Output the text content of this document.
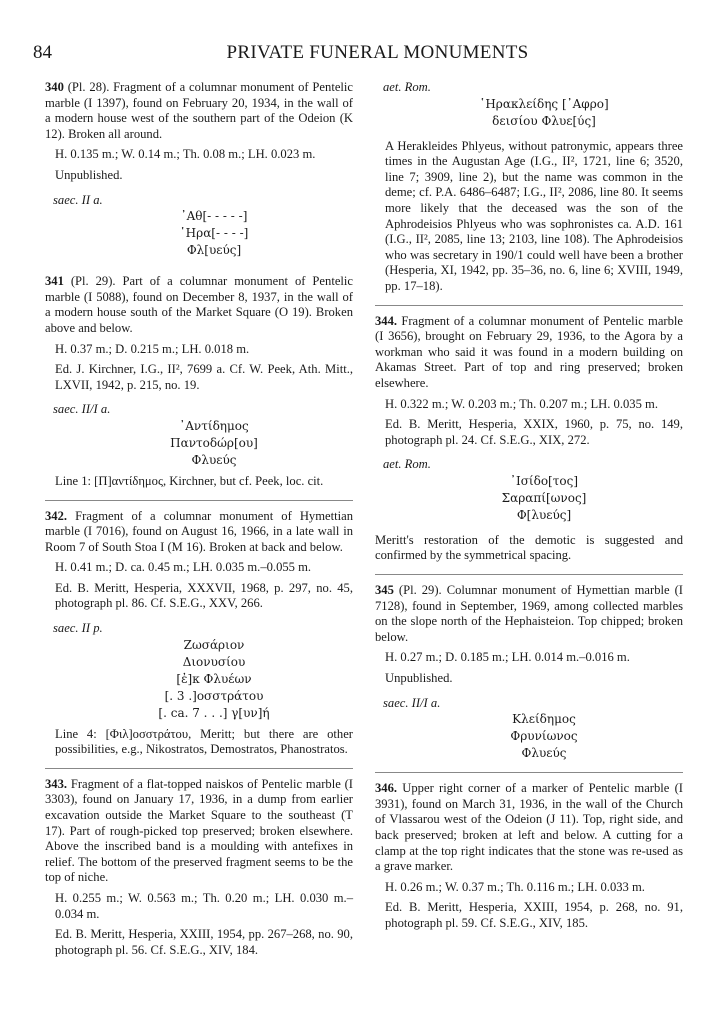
84	PRIVATE FUNERAL MONUMENTS

340 (Pl. 28). Fragment of a columnar monument of Pentelic marble (I 1397), found on February 20, 1934, in the wall of a modern house west of the southern part of the Odeion (K 12). Broken all around.

H. 0.135 m.; W. 0.14 m.; Th. 0.08 m.; LH. 0.023 m.

Unpublished.

saec. II a.

᾽Αθ[- - - - -]
῾Ηρα[- - - -]
Φλ[υεύς]

341 (Pl. 29). Part of a columnar monument of Pentelic marble (I 5088), found on December 8, 1937, in the wall of a modern house south of the Market Square (O 19). Broken above and below.

H. 0.37 m.; D. 0.215 m.; LH. 0.018 m.

Ed. J. Kirchner, I.G., II², 7699 a. Cf. W. Peek, Ath. Mitt., LXVII, 1942, p. 215, no. 19.

saec. II/I a.

᾽Αντίδημος
Παντοδώρ[ου]
Φλυεύς

Line 1: [Π]αντίδημος, Kirchner, but cf. Peek, loc. cit.

342. Fragment of a columnar monument of Hymettian marble (I 7016), found on August 16, 1966, in a late wall in Room 7 of South Stoa I (M 16). Broken at back and below.

H. 0.41 m.; D. ca. 0.45 m.; LH. 0.035 m.–0.055 m.

Ed. B. Meritt, Hesperia, XXXVII, 1968, p. 297, no. 45, photograph pl. 86. Cf. S.E.G., XXV, 266.

saec. II p.

Ζωσάριον
Διονυσίου
[ἐ]κ Φλυέων
[. 3 .]οσστράτου
[. ca. 7 . . .] γ[υν]ή

Line 4: [Φιλ]οσστράτου, Meritt; but there are other possibilities, e.g., Nikostratos, Demostratos, Phanostratos.

343. Fragment of a flat-topped naiskos of Pentelic marble (I 3303), found on January 17, 1936, in a dump from earlier excavation outside the Market Square to the southeast (T 17). Part of rough-picked top preserved; broken elsewhere. Above the inscribed band is a moulding with antefixes in relief. The bottom of the preserved fragment seems to be the top of niche.

H. 0.255 m.; W. 0.563 m.; Th. 0.20 m.; LH. 0.030 m.–0.034 m.

Ed. B. Meritt, Hesperia, XXIII, 1954, pp. 267–268, no. 90, photograph pl. 56. Cf. S.E.G., XIV, 184.

aet. Rom.

῾Ηρακλείδης [᾽Αφρο]
δεισίου Φλυε[ύς]

A Herakleides Phlyeus, without patronymic, appears three times in the Augustan Age (I.G., II², 1721, line 6; 3520, line 7; 3909, line 2), but the name was common in the deme; cf. P.A. 6486–6487; I.G., II², 2086, line 80. It seems more likely that the deceased was the son of the Aphrodeisios Phlyeus who was sophronistes ca. A.D. 161 (I.G., II², 2085, line 13; 2103, line 108). The Aphrodeisios who was secretary in 190/1 could well have been a brother (Hesperia, XI, 1942, pp. 35–36, no. 6, line 6; XVIII, 1949, pp. 17–18).

344. Fragment of a columnar monument of Pentelic marble (I 3656), brought on February 29, 1936, to the Agora by a workman who said it was found in a modern building on Akamas Street. Part of top and ring preserved; broken elsewhere.

H. 0.322 m.; W. 0.203 m.; Th. 0.207 m.; LH. 0.035 m.

Ed. B. Meritt, Hesperia, XXIX, 1960, p. 75, no. 149, photograph pl. 24. Cf. S.E.G., XIX, 272.

aet. Rom.

᾽Ισίδο[τος]
Σαραπί[ωνος]
Φ[λυεύς]

Meritt's restoration of the demotic is suggested and confirmed by the symmetrical spacing.

345 (Pl. 29). Columnar monument of Hymettian marble (I 7128), found in September, 1969, among collected marbles on the slope north of the Hephaisteion. Top chipped; broken below.

H. 0.27 m.; D. 0.185 m.; LH. 0.014 m.–0.016 m.

Unpublished.

saec. II/I a.

Κλείδημος
Φρυνίωνος
Φλυεύς

346. Upper right corner of a marker of Pentelic marble (I 3931), found on March 31, 1936, in the wall of the Church of Vlassarou west of the Odeion (J 11). Top, right side, and back preserved; broken at left and below. A cutting for a clamp at the top right indicates that the stone was re-used as a grave marker.

H. 0.26 m.; W. 0.37 m.; Th. 0.116 m.; LH. 0.033 m.

Ed. B. Meritt, Hesperia, XXIII, 1954, p. 268, no. 91, photograph pl. 59. Cf. S.E.G., XIV, 185.
